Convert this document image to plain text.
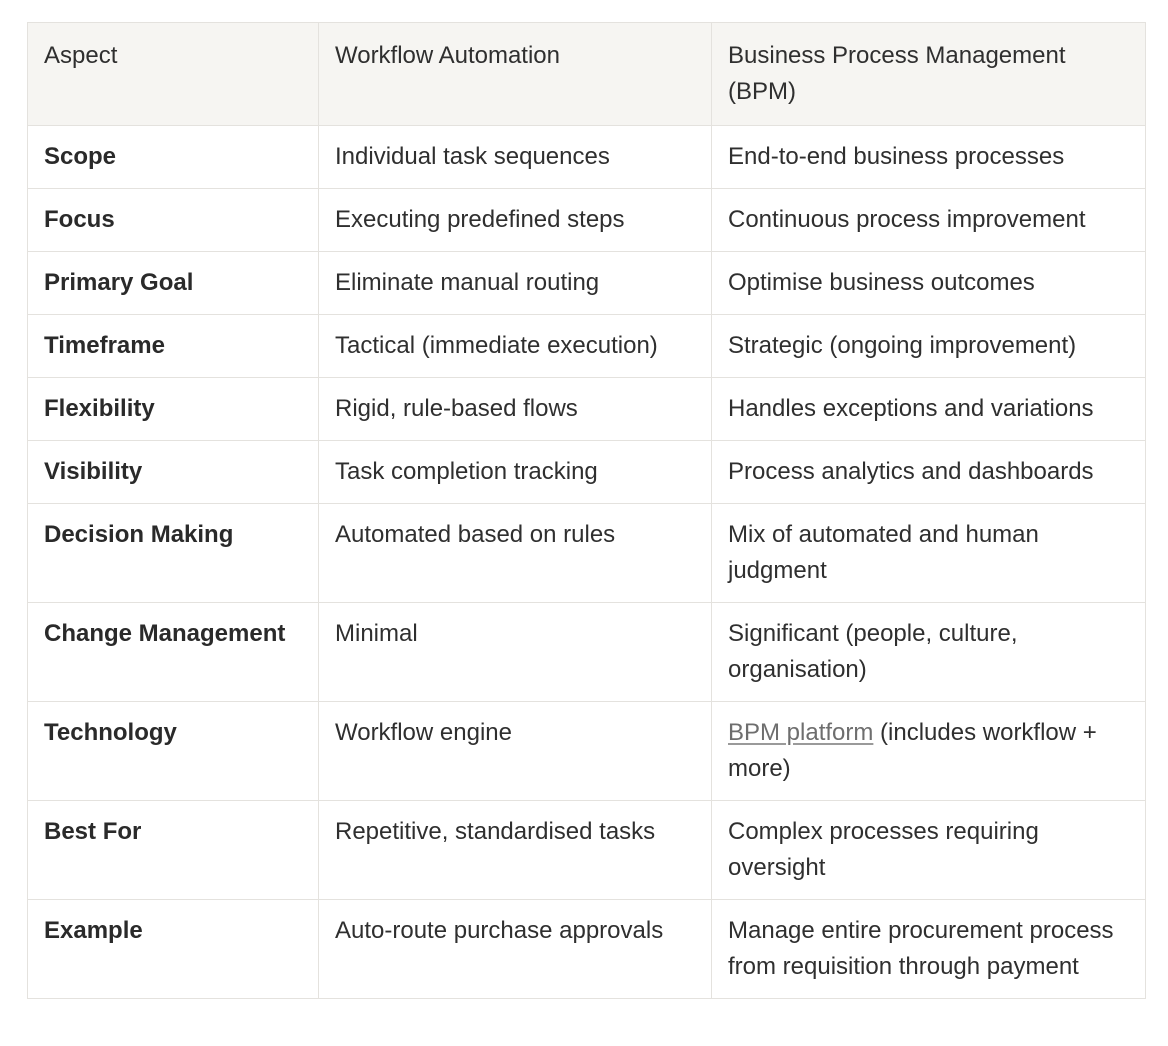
Aspect	Workflow Automation	Business Process Management (BPM)
Scope	Individual task sequences	End-to-end business processes
Focus	Executing predefined steps	Continuous process improvement
Primary Goal	Eliminate manual routing	Optimise business outcomes
Timeframe	Tactical (immediate execution)	Strategic (ongoing improvement)
Flexibility	Rigid, rule-based flows	Handles exceptions and variations
Visibility	Task completion tracking	Process analytics and dashboards
Decision Making	Automated based on rules	Mix of automated and human judgment
Change Management	Minimal	Significant (people, culture, organisation)
Technology	Workflow engine	BPM platform (includes workflow + more)
Best For	Repetitive, standardised tasks	Complex processes requiring oversight
Example	Auto-route purchase approvals	Manage entire procurement process from requisition through payment
